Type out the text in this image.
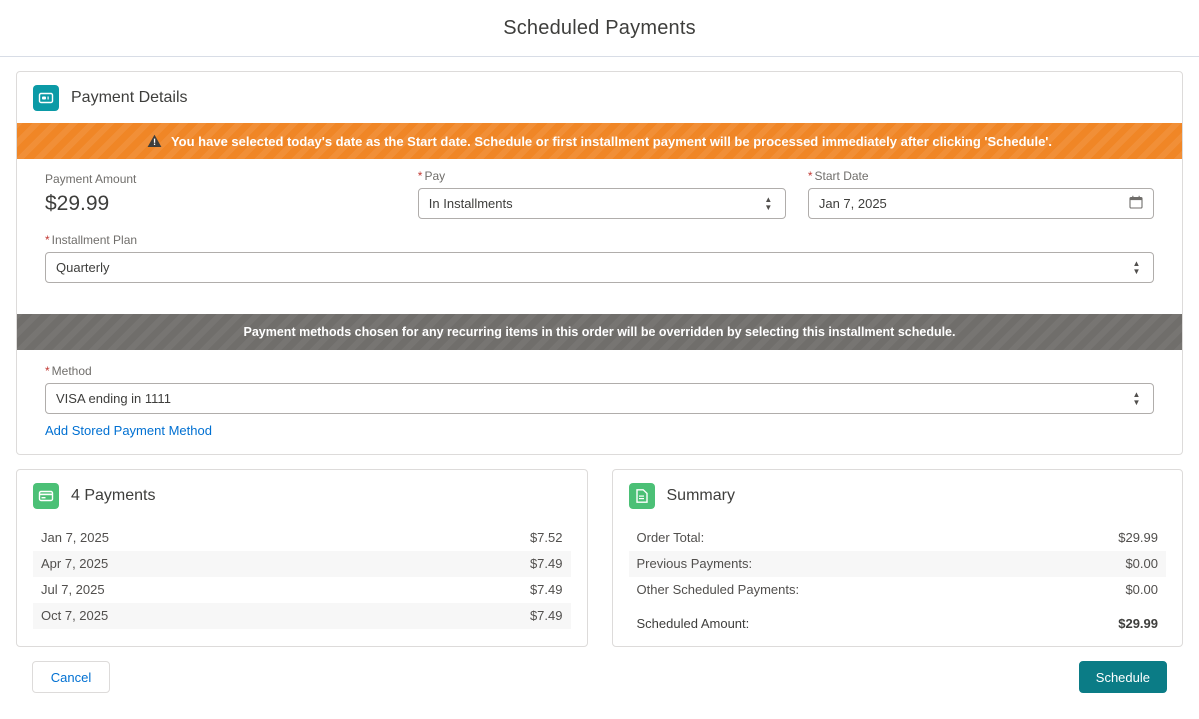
Scheduled Payments
Payment Details
You have selected today's date as the Start date. Schedule or first installment payment will be processed immediately after clicking 'Schedule'.
Payment Amount
$29.99
* Pay
In Installments	▲
▼
* Start Date
Jan 7, 2025
* Installment Plan
Quarterly	▲
▼
Payment methods chosen for any recurring items in this order will be overridden by selecting this installment schedule.
* Method
VISA ending in 1111	▲
▼
Add Stored Payment Method
4 Payments
Jan 7, 2025	$7.52
Apr 7, 2025	$7.49
Jul 7, 2025	$7.49
Oct 7, 2025	$7.49
Summary
Order Total:	$29.99
Previous Payments:	$0.00
Other Scheduled Payments:	$0.00
Scheduled Amount:	$29.99
Cancel	Schedule
